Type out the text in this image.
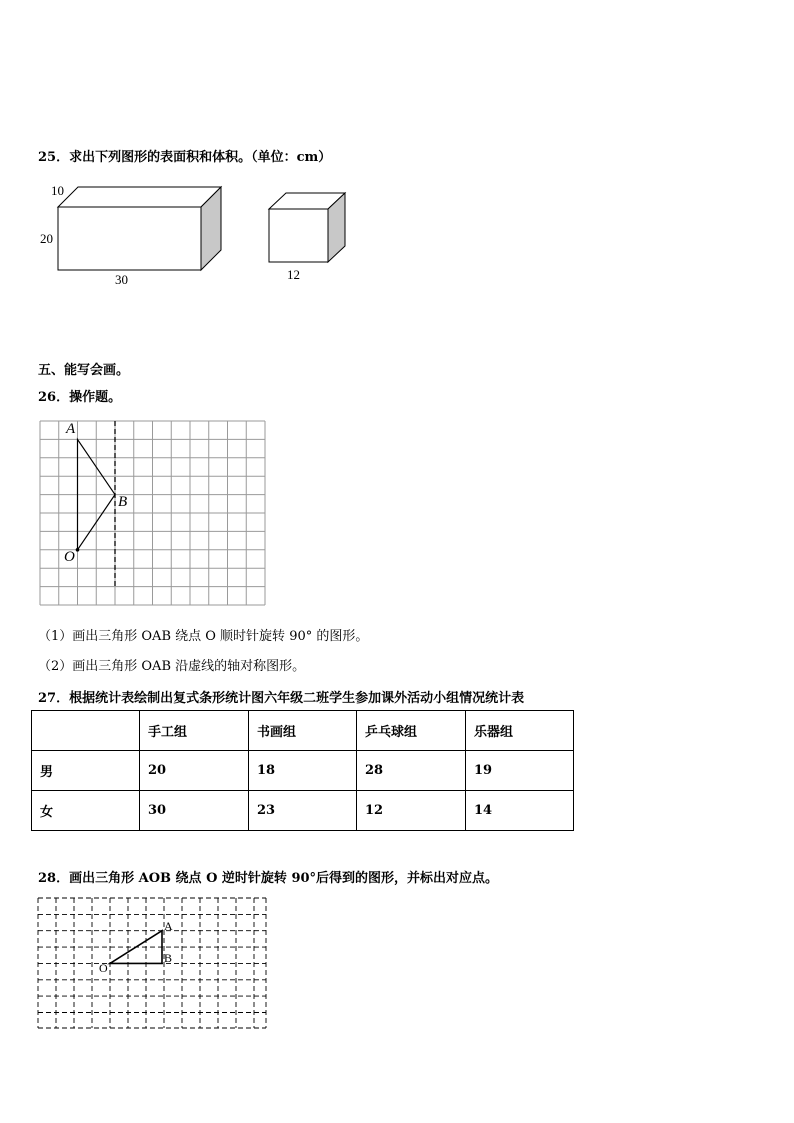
25．求出下列图形的表面积和体积。（单位：cm）
10
20
30	12
五、能写会画。
26．操作题。
A
B
O
（1）画出三角形 OAB 绕点 O 顺时针旋转 90° 的图形。
（2）画出三角形 OAB 沿虚线的轴对称图形。
27．根据统计表绘制出复式条形统计图六年级二班学生参加课外活动小组情况统计表
	手工组	书画组	乒乓球组	乐器组
男	20	18	28	19
女	30	23	12	14
28．画出三角形 AOB 绕点 O 逆时针旋转 90°后得到的图形，并标出对应点。
A
B
O
